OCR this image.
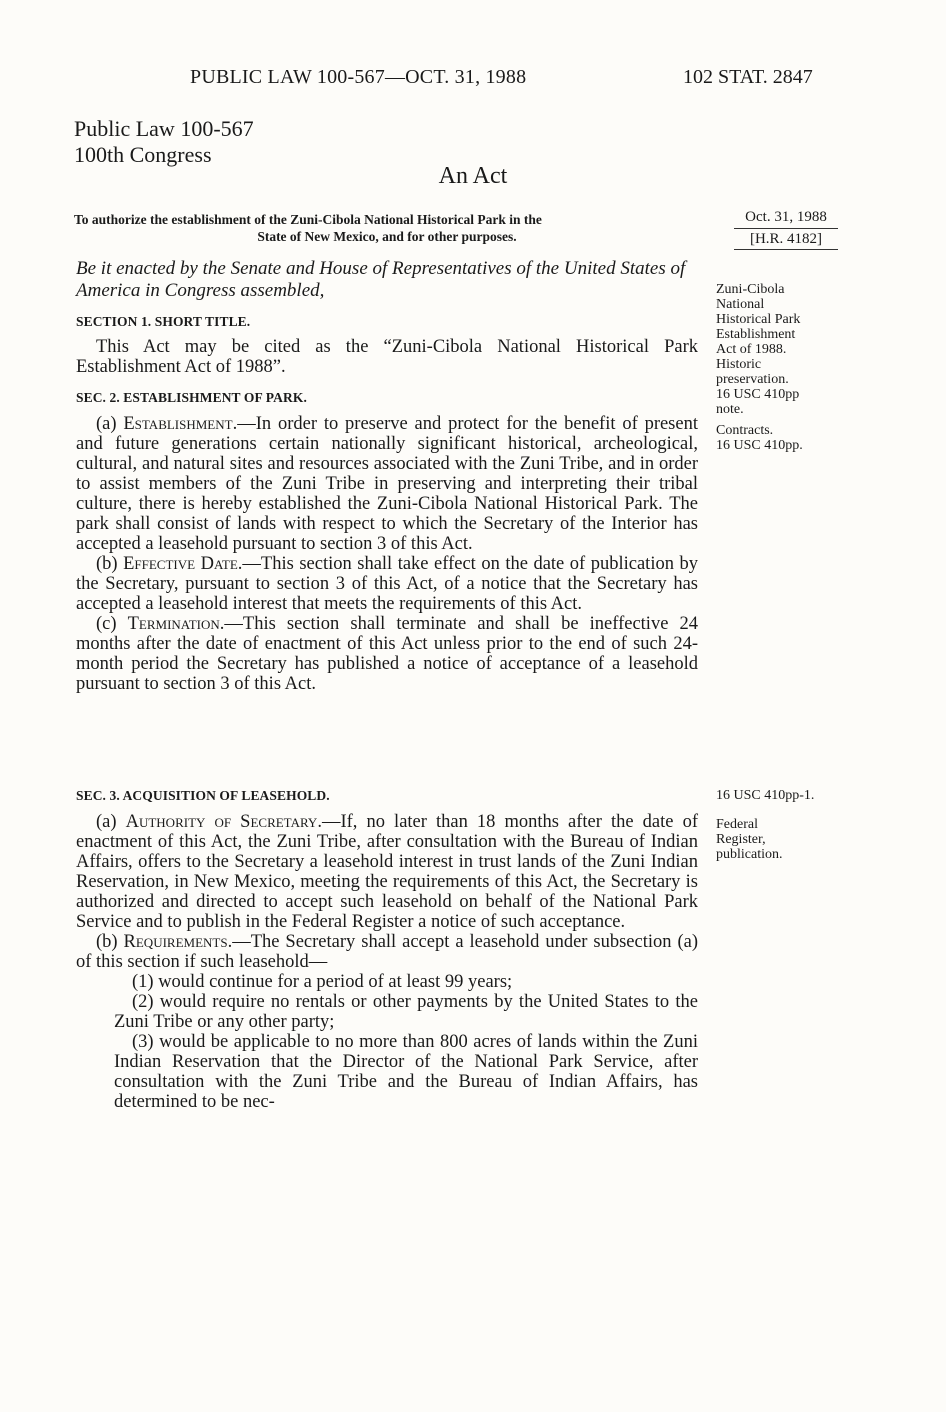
PUBLIC LAW 100-567—OCT. 31, 1988	102 STAT. 2847
Public Law 100-567
100th Congress
An Act
To authorize the establishment of the Zuni-Cibola National Historical Park in the
State of New Mexico, and for other purposes.
Oct. 31, 1988
[H.R. 4182]
Be it enacted by the Senate and House of Representatives of the United States of America in Congress assembled,
SECTION 1. SHORT TITLE.

This Act may be cited as the “Zuni-Cibola National Historical Park Establishment Act of 1988”.

SEC. 2. ESTABLISHMENT OF PARK.

(a) Establishment.—In order to preserve and protect for the benefit of present and future generations certain nationally significant historical, archeological, cultural, and natural sites and resources associated with the Zuni Tribe, and in order to assist members of the Zuni Tribe in preserving and interpreting their tribal culture, there is hereby established the Zuni-Cibola National Historical Park. The park shall consist of lands with respect to which the Secretary of the Interior has accepted a leasehold pursuant to section 3 of this Act.

(b) Effective Date.—This section shall take effect on the date of publication by the Secretary, pursuant to section 3 of this Act, of a notice that the Secretary has accepted a leasehold interest that meets the requirements of this Act.

(c) Termination.—This section shall terminate and shall be ineffective 24 months after the date of enactment of this Act unless prior to the end of such 24-month period the Secretary has published a notice of acceptance of a leasehold pursuant to section 3 of this Act.

SEC. 3. ACQUISITION OF LEASEHOLD.

(a) Authority of Secretary.—If, no later than 18 months after the date of enactment of this Act, the Zuni Tribe, after consultation with the Bureau of Indian Affairs, offers to the Secretary a leasehold interest in trust lands of the Zuni Indian Reservation, in New Mexico, meeting the requirements of this Act, the Secretary is authorized and directed to accept such leasehold on behalf of the National Park Service and to publish in the Federal Register a notice of such acceptance.

(b) Requirements.—The Secretary shall accept a leasehold under subsection (a) of this section if such leasehold—

(1) would continue for a period of at least 99 years;

(2) would require no rentals or other payments by the United States to the Zuni Tribe or any other party;

(3) would be applicable to no more than 800 acres of lands within the Zuni Indian Reservation that the Director of the National Park Service, after consultation with the Zuni Tribe and the Bureau of Indian Affairs, has determined to be nec-

Zuni-Cibola
National
Historical Park
Establishment
Act of 1988.
Historic
preservation.
16 USC 410pp
note.
Contracts.
16 USC 410pp.
16 USC 410pp-1.
Federal
Register,
publication.
